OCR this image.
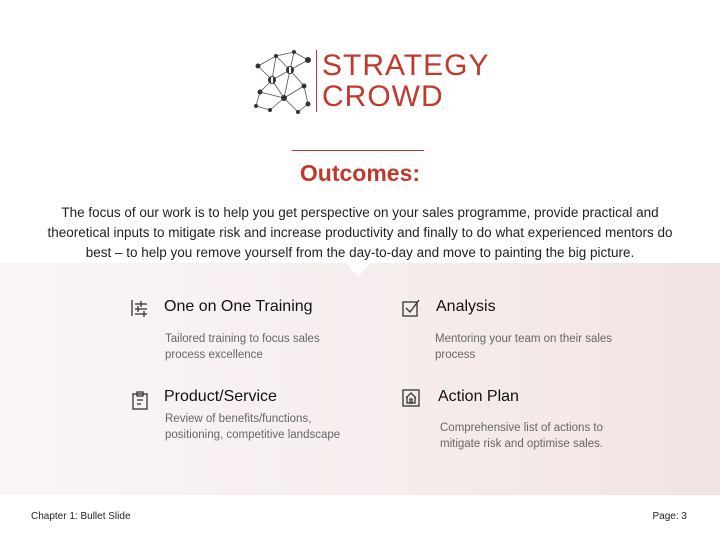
STRATEGY
CROWD
Outcomes:
The focus of our work is to help you get perspective on your sales programme, provide practical and theoretical inputs to mitigate risk and increase productivity and finally to do what experienced mentors do best – to help you remove yourself from the day-to-day and move to painting the big picture.
One on One Training
Tailored training to focus sales process excellence
Analysis
Mentoring your team on their sales process
Product/Service
Review of benefits/functions, positioning, competitive landscape
Action Plan
Comprehensive list of actions to mitigate risk and optimise sales.
Chapter 1: Bullet Slide	Page: 3
